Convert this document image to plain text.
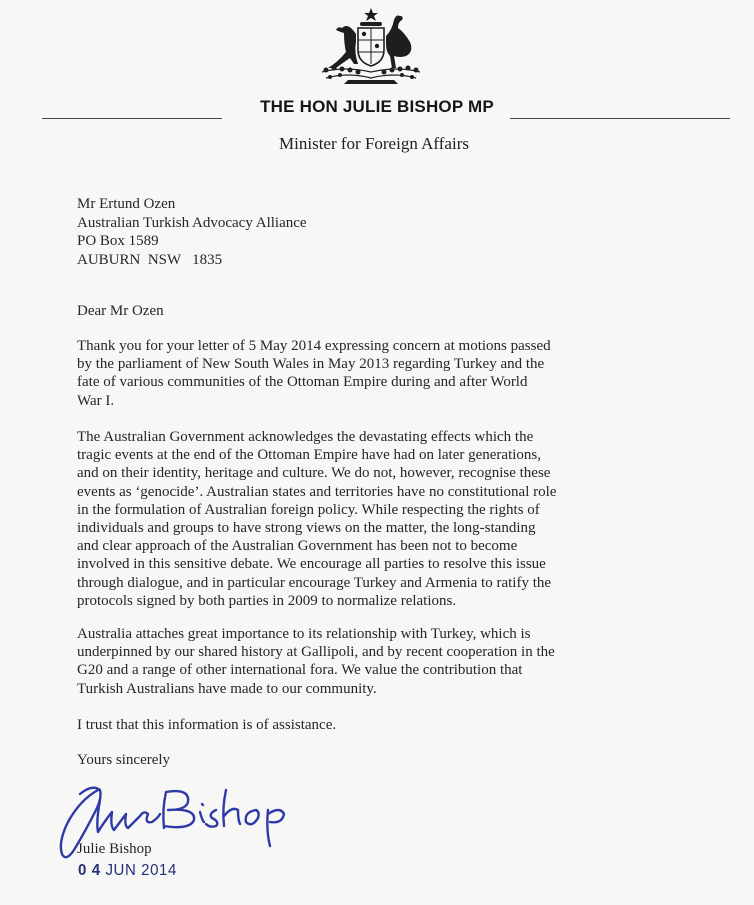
THE HON JULIE BISHOP MP
Minister for Foreign Affairs
Mr Ertund Ozen
Australian Turkish Advocacy Alliance
PO Box 1589
AUBURN  NSW   1835
Dear Mr Ozen
Thank you for your letter of 5 May 2014 expressing concern at motions passed
by the parliament of New South Wales in May 2013 regarding Turkey and the
fate of various communities of the Ottoman Empire during and after World
War I.
The Australian Government acknowledges the devastating effects which the
tragic events at the end of the Ottoman Empire have had on later generations,
and on their identity, heritage and culture. We do not, however, recognise these
events as ‘genocide’. Australian states and territories have no constitutional role
in the formulation of Australian foreign policy. While respecting the rights of
individuals and groups to have strong views on the matter, the long-standing
and clear approach of the Australian Government has been not to become
involved in this sensitive debate. We encourage all parties to resolve this issue
through dialogue, and in particular encourage Turkey and Armenia to ratify the
protocols signed by both parties in 2009 to normalize relations.
Australia attaches great importance to its relationship with Turkey, which is
underpinned by our shared history at Gallipoli, and by recent cooperation in the
G20 and a range of other international fora. We value the contribution that
Turkish Australians have made to our community.
I trust that this information is of assistance.
Yours sincerely
Julie Bishop
0 4 JUN 2014
